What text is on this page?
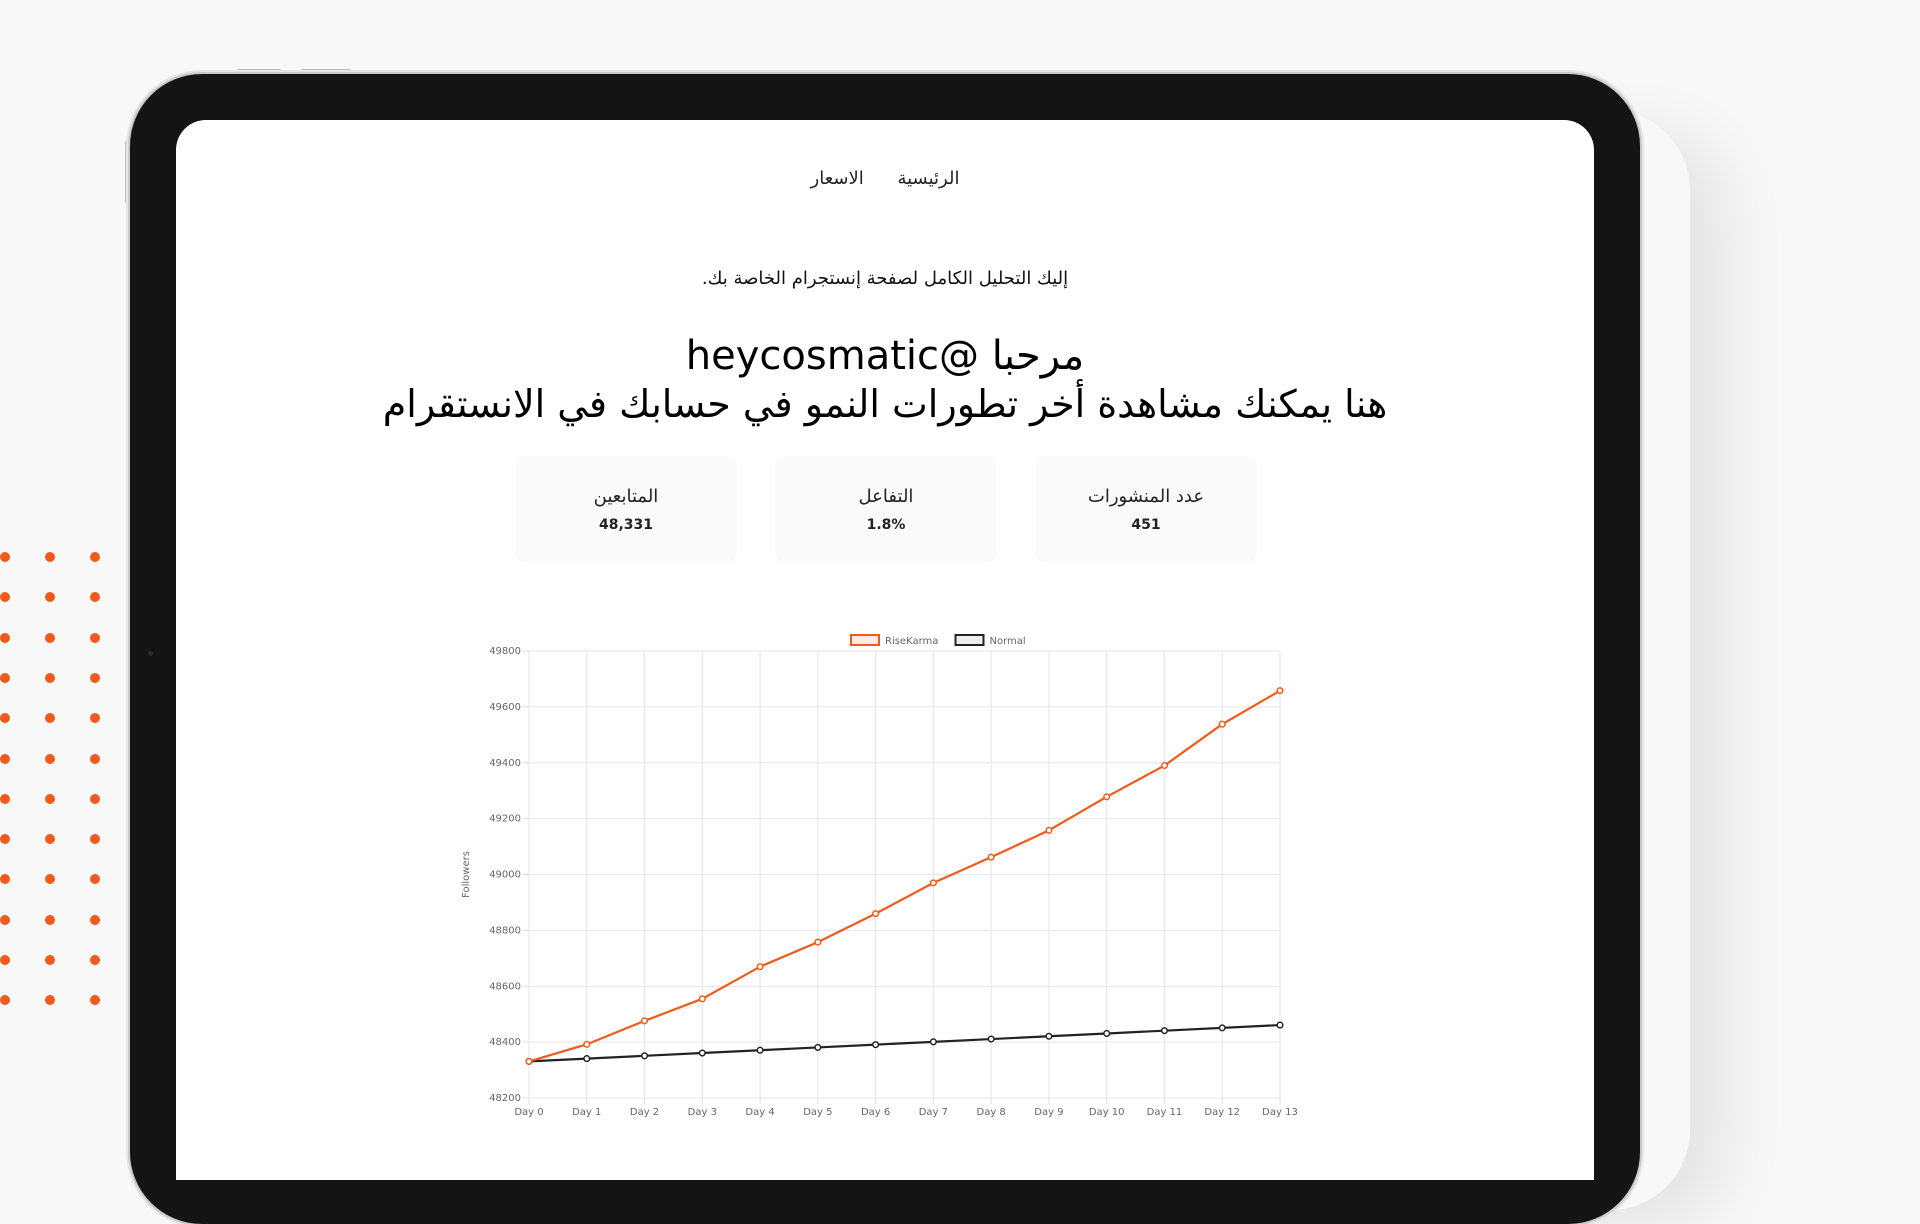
الرئيسية الاسعار
إليك التحليل الكامل لصفحة إنستجرام الخاصة بك.
مرحبا @heycosmatic
هنا يمكنك مشاهدة أخر تطورات النمو في حسابك في الانستقرام
المتابعين
48,331
التفاعل
1.8%
عدد المنشورات
451
49800
49600
49400
49200
49000
48800
48600
48400
48200
Day 0	Day 1	Day 2	Day 3	Day 4	Day 5	Day 6	Day 7	Day 8	Day 9	Day 10 Day 11 Day 12 Day 13
Followers
RiseKarma	Normal
